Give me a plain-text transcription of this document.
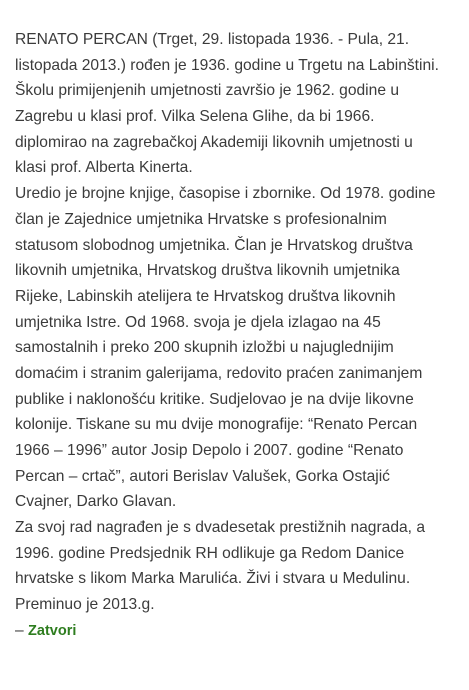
RENATO PERCAN (Trget, 29. listopada 1936. - Pula, 21.
listopada 2013.) rođen je 1936. godine u Trgetu na Labinštini.
Školu primijenjenih umjetnosti završio je 1962. godine u
Zagrebu u klasi prof. Vilka Selena Glihe, da bi 1966.
diplomirao na zagrebačkoj Akademiji likovnih umjetnosti u
klasi prof. Alberta Kinerta.
Uredio je brojne knjige, časopise i zbornike. Od 1978. godine
član je Zajednice umjetnika Hrvatske s profesionalnim
statusom slobodnog umjetnika. Član je Hrvatskog društva
likovnih umjetnika, Hrvatskog društva likovnih umjetnika
Rijeke, Labinskih atelijera te Hrvatskog društva likovnih
umjetnika Istre. Od 1968. svoja je djela izlagao na 45
samostalnih i preko 200 skupnih izložbi u najuglednijim
domaćim i stranim galerijama, redovito praćen zanimanjem
publike i naklonošću kritike. Sudjelovao je na dvije likovne
kolonije. Tiskane su mu dvije monografije: “Renato Percan
1966 – 1996” autor Josip Depolo i 2007. godine “Renato
Percan – crtač”, autori Berislav Valušek, Gorka Ostajić
Cvajner, Darko Glavan.
Za svoj rad nagrađen je s dvadesetak prestižnih nagrada, a
1996. godine Predsjednik RH odlikuje ga Redom Danice
hrvatske s likom Marka Marulića. Živi i stvara u Medulinu.
Preminuo je 2013.g.
– Zatvori
